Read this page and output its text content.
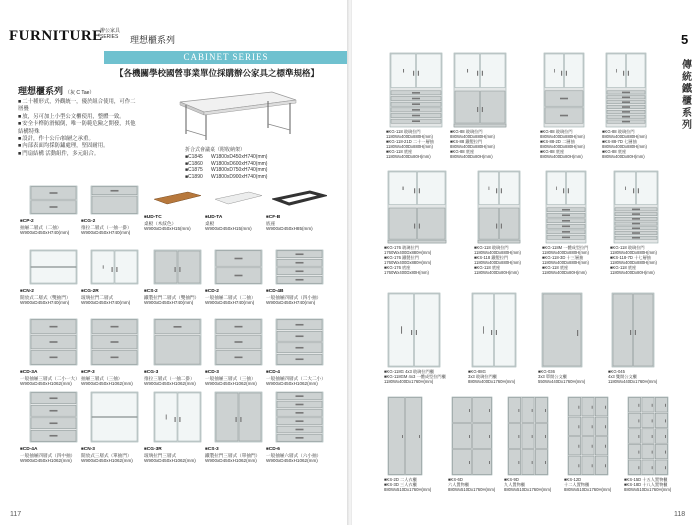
FURNITURE
辦公家具
SERIES 理想櫃系列
CABINET SERIES
【各機關學校國營事業單位採購辦公家具之標準規格】
理想櫃系列 （灰 C Tae）
■ 二十種形式，外觀統一，優於組合使用，可作二層疊
■ 放，另可加上小型公文櫃使用，整體一致。
■ 安全卡榫防滑傾倒，唯一防範危險之開發，其他結構特殊
■ 設計，作十公斤/抽屜之承重。
■ 內部表面均採防鏽處理，堅固耐用。
■ 門扇結構 活動組件，多元組合。
折合式會議桌（附收納架）
■C1845 W1800xD450xH740(mm)
■C1860 W1800xD600xH740(mm)
■C1875 W1800xD750xH740(mm)
■C1890 W1800xD900xH740(mm)
■CP-2
抽屜二層式（二抽）
W900xD450xH740(mm)
■CG-2
推拉二層式（一抽一掛）
W900xD450xH740(mm)
■UD-TC
桌板（木紋色）
W900xD450xH15(mm)
■UD-TA
桌板
W900xD450xH15(mm)
■CF-B
底座
W900xD450xH85(mm)
■CN-2
開放式二層式（雙抽門）
W900xD450xH740(mm)
■CG-2R
玻璃拉門二層式
W900xD450xH740(mm)
■CS-2
鐵製拉門二層式（雙抽門）
W900xD450xH740(mm)
■CD-2
一般抽屜二層式（二抽）
W900xD450xH740(mm)
■CD-4B
一般抽屜四層式（四小抽）
W900xD450xH740(mm)
■CD-3A
一般抽屜三層式（二小一大）
W900xD450xH1062(mm)
■CP-3
抽屜三層式（三抽）
W900xD450xH1062(mm)
■CG-3
推拉三層式（一抽二掛）
W900xD450xH1062(mm)
■CD-3
一般抽屜三層式（三抽）
W900xD450xH1062(mm)
■CD-4
一般抽屜四層式（二大二小）
W900xD450xH1062(mm)
■CD-4A
一般抽屜四層式（四中抽）
W900xD450xH1062(mm)
■CN-3
開放式三層式（單抽門）
W900xD450xH1062(mm)
■CG-3R
玻璃拉門三層式
W900xD450xH1062(mm)
■CS-3
鐵製拉門三層式（單抽門）
W900xD450xH1062(mm)
■CD-6
一般抽屜六層式（六小抽）
W900xD450xH1062(mm)
117
■KG-118 玻璃拉門
1180Wx400Dx880H(mm)
■KG-118-21D 二十一層抽
1180Wx400Dx880H(mm)
■KG-118 底座
1180Wx400Dx80H(mm)
■KG-88 玻璃拉門
880Wx400Dx880H(mm)
■KS-88 鐵製拉門
880Wx400Dx880H(mm)
■KG-88 底座
880Wx400Dx80H(mm)
■KG-88 玻璃拉門
880Wx400Dx880H(mm)
■KS-88-2D 二層抽
880Wx400Dx880H(mm)
■KG-88 底座
880Wx400Dx80H(mm)
■KG-88 玻璃拉門
880Wx400Dx880H(mm)
■KS-88-7D 七層抽
880Wx400Dx880H(mm)
■KG-88 底座
880Wx400Dx80H(mm)
■KG-176 玻璃拉門
1760Wx400Dx880H(mm)
■KG-176 鐵製拉門
1760Wx400Dx880H(mm)
■KG-176 底座
1760Wx400Dx80H(mm)
■KG-118 玻璃拉門
1180Wx400Dx880H(mm)
■KS-118 鐵製拉門
1180Wx400Dx880H(mm)
■KG-118 底座
1180Wx400Dx80H(mm)
■KG-118M 一體成型拉門
1180Wx400Dx880H(mm)
■KG-118-3D 十三層抽
1180Wx400Dx880H(mm)
■KG-118 底座
1180Wx400Dx80H(mm)
■KG-118 玻璃拉門
1180Wx400Dx880H(mm)
■KS-118-7D 十七層抽
1180Wx400Dx880H(mm)
■KG-118 底座
1180Wx400Dx80H(mm)
■KG-118G 4x3 玻璃拉門櫃
■KG-118GM 4x3 一體成型拉門櫃
1180Wx400Dx1760H(mm)
■KG-88G
3x3 玻璃拉門櫃
880Wx400Dx1760H(mm)
■KG-036
3x3 單開公文櫃
550Wx440Dx1760H(mm)
■KG-045
4x3 雙開公文櫃
1180Wx440Dx1760H(mm)
■KS-2D 二人衣櫃
■KS-3D 三人衣櫃
880Wx510Dx1760H(mm)
■KS-6D
六人置物櫃
880Wx510Dx1760H(mm)
■KS-9D
九人置物櫃
880Wx510Dx1760H(mm)
■KS-12D
十二人置物櫃
880Wx510Dx1760H(mm)
■KS-15D 十五人置物櫃
■KS-18D 十八人置物櫃
880Wx510Dx1760H(mm)
5
傳
統
鐵
櫃
系
列
118
